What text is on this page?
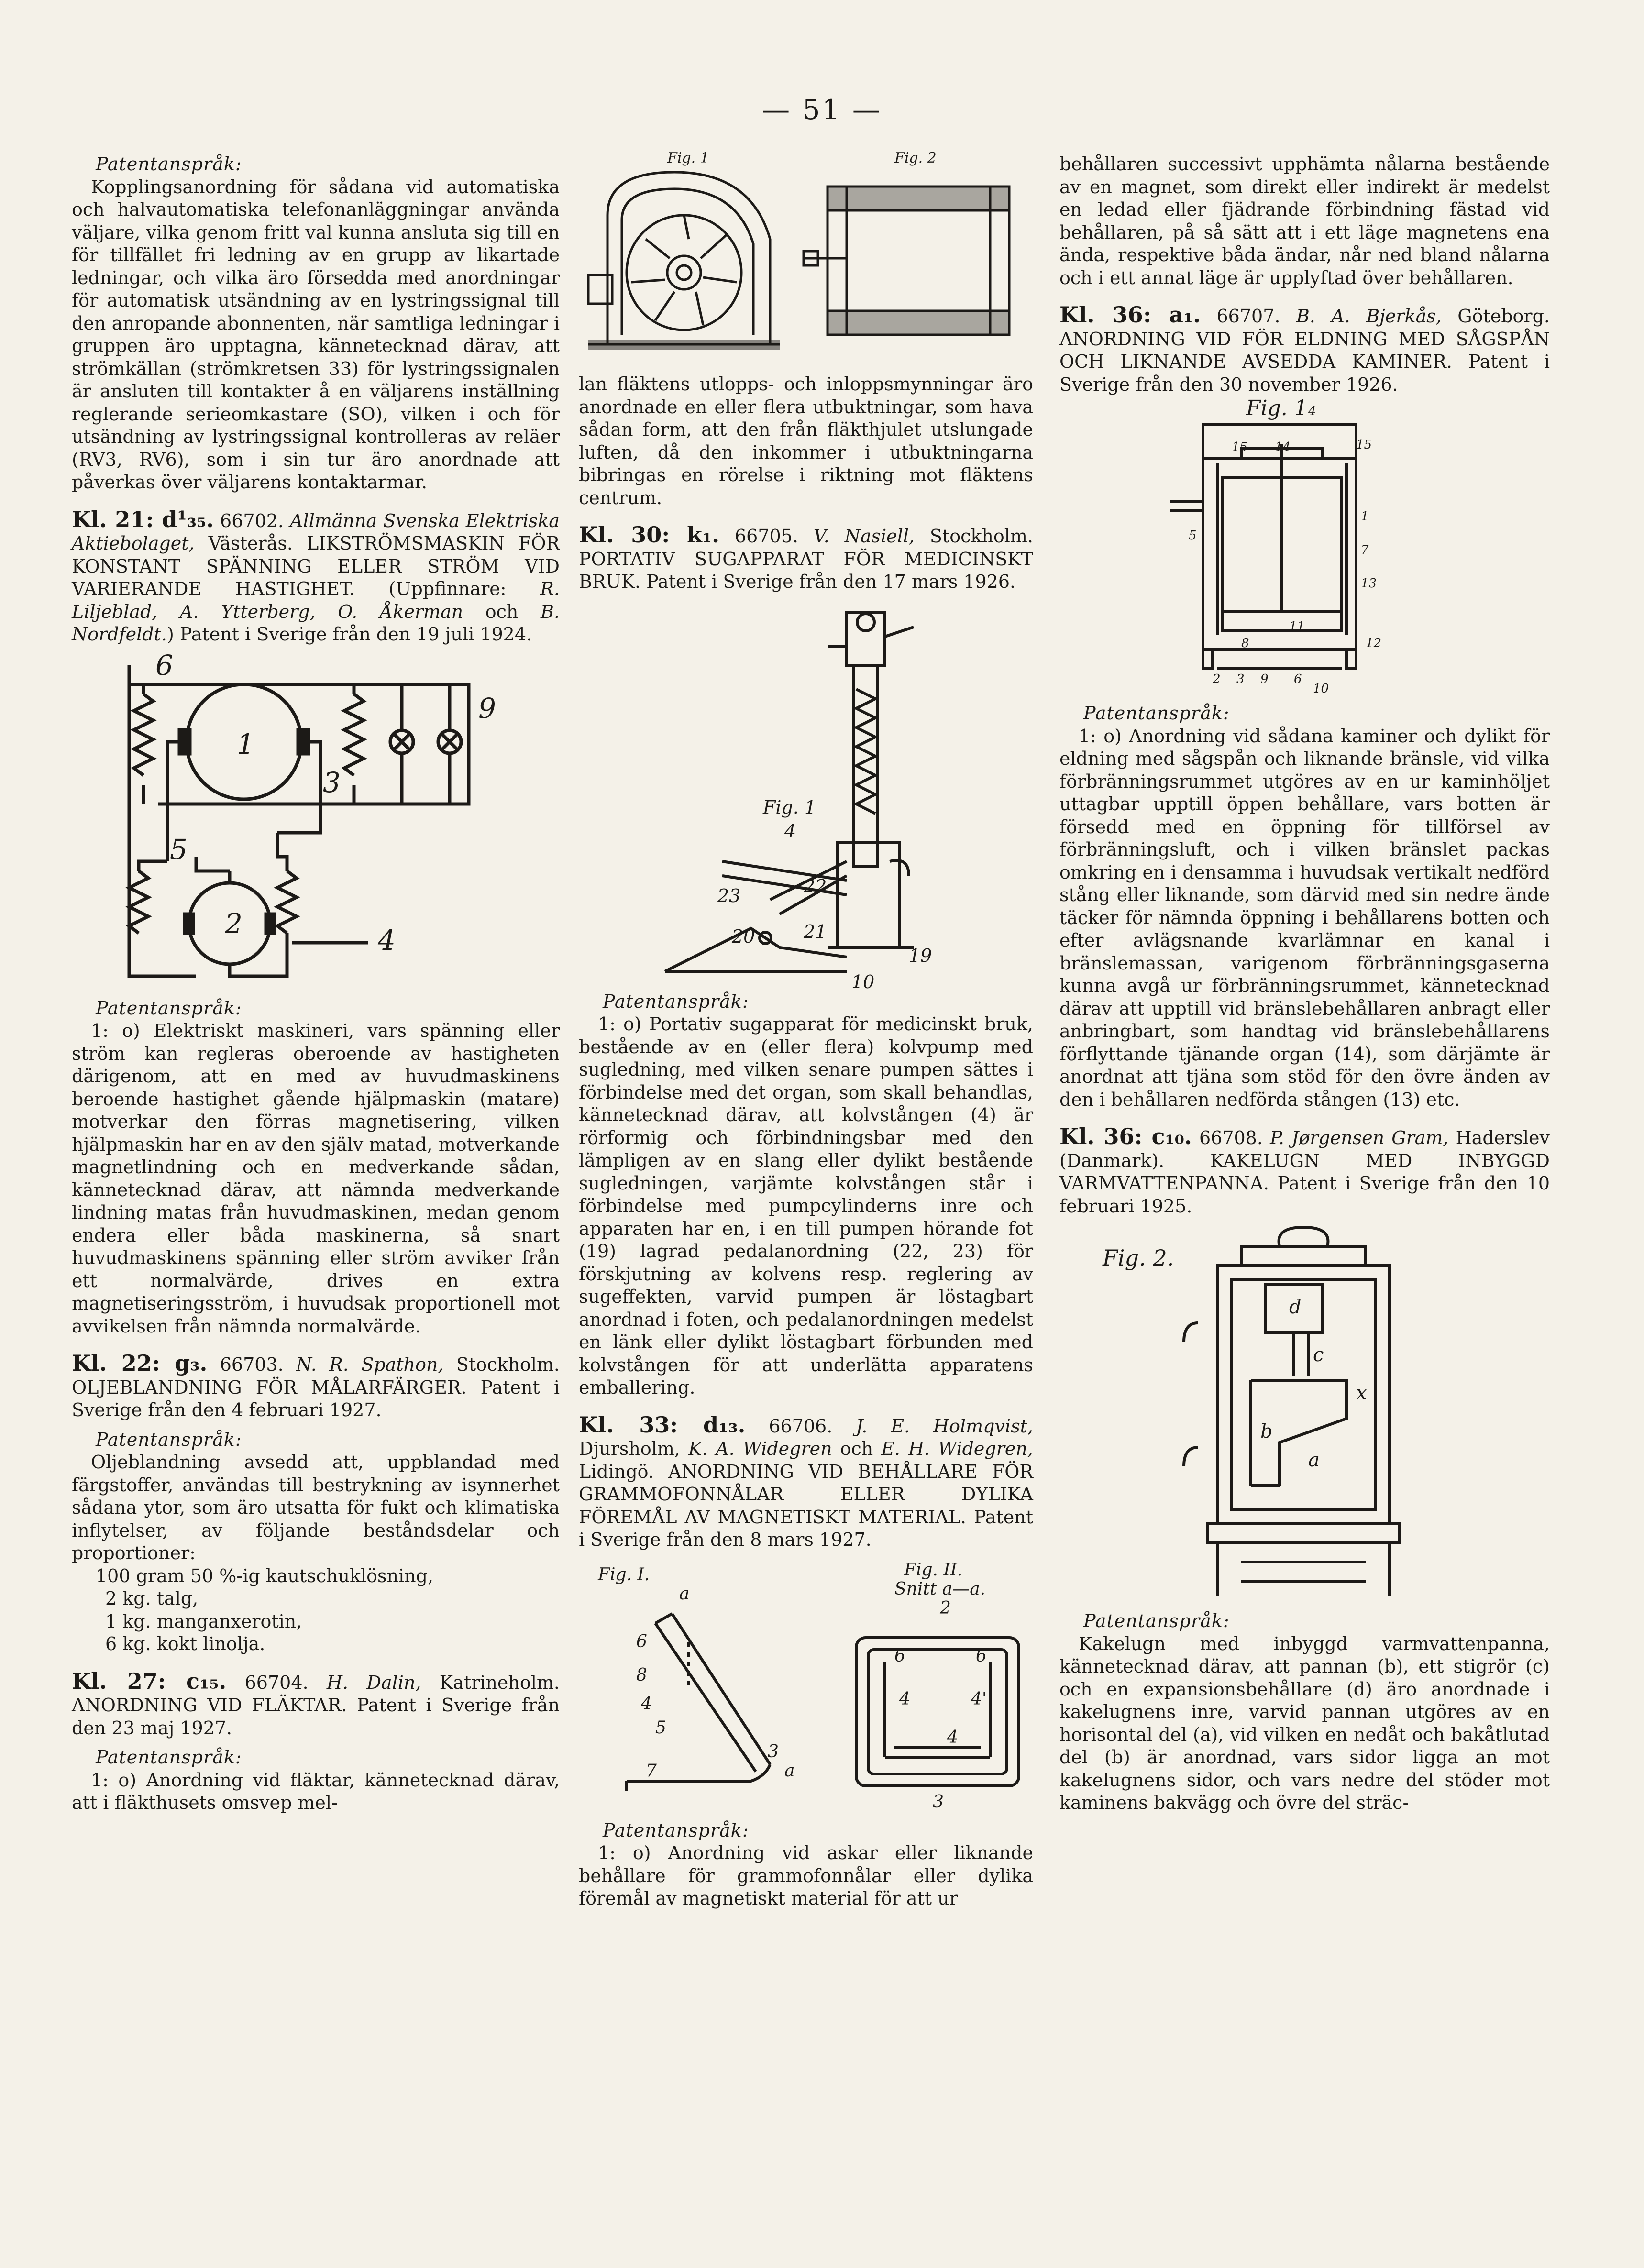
— 51 —

Patentanspråk:

Kopplingsanordning för sådana vid automatiska och halvautomatiska telefonanläggningar använda väljare, vilka genom fritt val kunna ansluta sig till en för tillfället fri ledning av en grupp av likartade ledningar, och vilka äro försedda med anordningar för automatisk utsändning av en lystringssignal till den anropande abonnenten, när samtliga ledningar i gruppen äro upptagna, kännetecknad därav, att strömkällan (strömkretsen 33) för lystringssignalen är ansluten till kontakter å en väljarens inställning reglerande serieomkastare (SO), vilken i och för utsändning av lystringssignal kontrolleras av reläer (RV3, RV6), som i sin tur äro anordnade att påverkas över väljarens kontaktarmar.

Kl. 21: d¹₃₅. 66702. Allmänna Svenska Elektriska Aktiebolaget, Västerås. LIKSTRÖMSMASKIN FÖR KONSTANT SPÄNNING ELLER STRÖM VID VARIERANDE HASTIGHET. (Uppfinnare: R. Liljeblad, A. Ytterberg, O. Åkerman och B. Nordfeldt.) Patent i Sverige från den 19 juli 1924.

6
1
3
9
5
2
4

Patentanspråk:

1: o) Elektriskt maskineri, vars spänning eller ström kan regleras oberoende av hastigheten därigenom, att en med av huvudmaskinens beroende hastighet gående hjälpmaskin (matare) motverkar den förras magnetisering, vilken hjälpmaskin har en av den själv matad, motverkande magnetlindning och en medverkande sådan, kännetecknad därav, att nämnda medverkande lindning matas från huvudmaskinen, medan genom endera eller båda maskinerna, så snart huvudmaskinens spänning eller ström avviker från ett normalvärde, drives en extra magnetiseringsström, i huvudsak proportionell mot avvikelsen från nämnda normalvärde.

Kl. 22: g₃. 66703. N. R. Spathon, Stockholm. OLJEBLANDNING FÖR MÅLARFÄRGER. Patent i Sverige från den 4 februari 1927.

Patentanspråk:

Oljeblandning avsedd att, uppblandad med färgstoffer, användas till bestrykning av isynnerhet sådana ytor, som äro utsatta för fukt och klimatiska inflytelser, av följande beståndsdelar och proportioner:

100 gram 50 %-ig kautschuklösning,
2 kg. talg,
1 kg. manganxerotin,
6 kg. kokt linolja.

Kl. 27: c₁₅. 66704. H. Dalin, Katrineholm. ANORDNING VID FLÄKTAR. Patent i Sverige från den 23 maj 1927.

Patentanspråk:

1: o) Anordning vid fläktar, kännetecknad därav, att i fläkthusets omsvep mel-

Fig. 1	Fig. 2

lan fläktens utlopps- och inloppsmynningar äro anordnade en eller flera utbuktningar, som hava sådan form, att den från fläkthjulet utslungade luften, då den inkommer i utbuktningarna bibringas en rörelse i riktning mot fläktens centrum.

Kl. 30: k₁. 66705. V. Nasiell, Stockholm. PORTATIV SUGAPPARAT FÖR MEDICINSKT BRUK. Patent i Sverige från den 17 mars 1926.

Fig. 1
4
10
19
22
23
20	21

Patentanspråk:

1: o) Portativ sugapparat för medicinskt bruk, bestående av en (eller flera) kolvpump med sugledning, med vilken senare pumpen sättes i förbindelse med det organ, som skall behandlas, kännetecknad därav, att kolvstången (4) är rörformig och förbindningsbar med den lämpligen av en slang eller dylikt bestående sugledningen, varjämte kolvstången står i förbindelse med pumpcylinderns inre och apparaten har en, i en till pumpen hörande fot (19) lagrad pedalanordning (22, 23) för förskjutning av kolvens resp. reglering av sugeffekten, varvid pumpen är löstagbart anordnad i foten, och pedalanordningen medelst en länk eller dylikt löstagbart förbunden med kolvstången för att underlätta apparatens emballering.

Kl. 33: d₁₃. 66706. J. E. Holmqvist, Djursholm, K. A. Widegren och E. H. Widegren, Lidingö. ANORDNING VID BEHÅLLARE FÖR GRAMMOFONNÅLAR ELLER DYLIKA FÖREMÅL AV MAGNETISKT MATERIAL. Patent i Sverige från den 8 mars 1927.

Fig. I.	Fig. II.
Snitt a—a.
a
a
6
8
4
5
7
3
2
6	6
4	4'
4
3

Patentanspråk:

1: o) Anordning vid askar eller liknande behållare för grammofonnålar eller dylika föremål av magnetiskt material för att ur

behållaren successivt upphämta nålarna bestående av en magnet, som direkt eller indirekt är medelst en ledad eller fjädrande förbindning fästad vid behållaren, på så sätt att i ett läge magnetens ena ända, respektive båda ändar, når ned bland nålarna och i ett annat läge är upplyftad över behållaren.

Kl. 36: a₁. 66707. B. A. Bjerkås, Göteborg. ANORDNING VID FÖR ELDNING MED SÅGSPÅN OCH LIKNANDE AVSEDDA KAMINER. Patent i Sverige från den 30 november 1926.

Fig. 1 4
15
15 14
5
1
7
13
11
8	12
2 3 9 6
10

Patentanspråk:

1: o) Anordning vid sådana kaminer och dylikt för eldning med sågspån och liknande bränsle, vid vilka förbränningsrummet utgöres av en ur kaminhöljet uttagbar upptill öppen behållare, vars botten är försedd med en öppning för tillförsel av förbränningsluft, och i vilken bränslet packas omkring en i densamma i huvudsak vertikalt nedförd stång eller liknande, som därvid med sin nedre ände täcker för nämnda öppning i behållarens botten och efter avlägsnande kvarlämnar en kanal i bränslemassan, varigenom förbränningsgaserna kunna avgå ur förbränningsrummet, kännetecknad därav att upptill vid bränslebehållaren anbragt eller anbringbart, som handtag vid bränslebehållarens förflyttande tjänande organ (14), som därjämte är anordnat att tjäna som stöd för den övre änden av den i behållaren nedförda stången (13) etc.

Kl. 36: c₁₀. 66708. P. Jørgensen Gram, Haderslev (Danmark). KAKELUGN MED INBYGGD VARMVATTENPANNA. Patent i Sverige från den 10 februari 1925.

Fig. 2.
d
c
x
b
a

Patentanspråk:

Kakelugn med inbyggd varmvattenpanna, kännetecknad därav, att pannan (b), ett stigrör (c) och en expansionsbehållare (d) äro anordnade i kakelugnens inre, varvid pannan utgöres av en horisontal del (a), vid vilken en nedåt och bakåtlutad del (b) är anordnad, vars sidor ligga an mot kakelugnens sidor, och vars nedre del stöder mot kaminens bakvägg och övre del sträc-
